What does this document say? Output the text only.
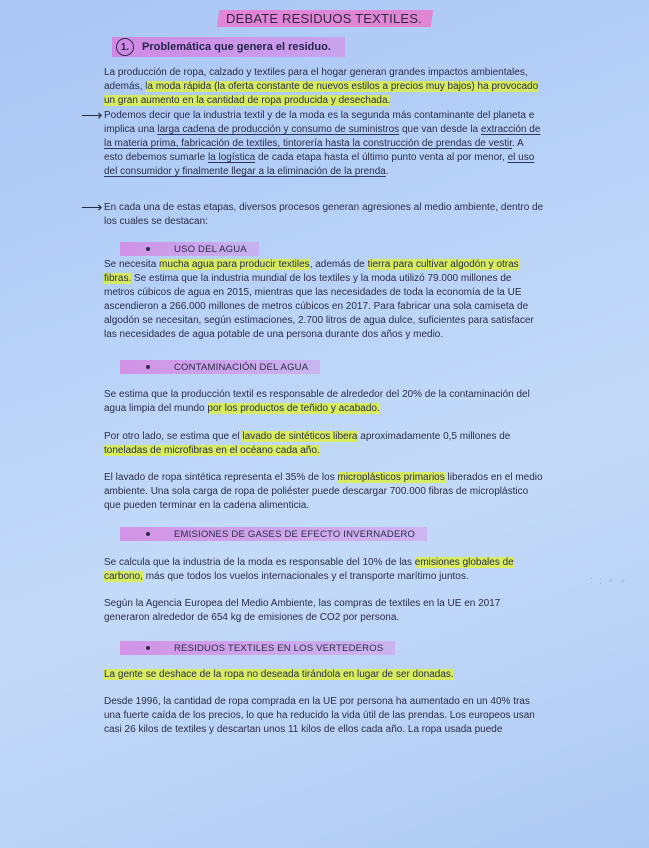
DEBATE RESIDUOS TEXTILES.
1.	Problemática que genera el residuo.

La producción de ropa, calzado y textiles para el hogar generan grandes impactos ambientales, además, la moda rápida (la oferta constante de nuevos estilos a precios muy bajos) ha provocado un gran aumento en la cantidad de ropa producida y desechada.

⟶ Podemos decir que la industria textil y de la moda es la segunda más contaminante del planeta e implica una larga cadena de producción y consumo de suministros que van desde la extracción de la materia prima, fabricación de textiles, tintorería hasta la construcción de prendas de vestir. A esto debemos sumarle la logística de cada etapa hasta el último punto venta al por menor, el uso del consumidor y finalmente llegar a la eliminación de la prenda.

⟶ En cada una de estas etapas, diversos procesos generan agresiones al medio ambiente, dentro de los cuales se destacan:

USO DEL AGUA

Se necesita mucha agua para producir textiles, además de tierra para cultivar algodón y otras fibras. Se estima que la industria mundial de los textiles y la moda utilizó 79.000 millones de metros cúbicos de agua en 2015, mientras que las necesidades de toda la economía de la UE ascendieron a 266.000 millones de metros cúbicos en 2017. Para fabricar una sola camiseta de algodón se necesitan, según estimaciones, 2.700 litros de agua dulce, suficientes para satisfacer las necesidades de agua potable de una persona durante dos años y medio.

CONTAMINACIÓN DEL AGUA

Se estima que la producción textil es responsable de alrededor del 20% de la contaminación del agua limpia del mundo por los productos de teñido y acabado.

Por otro lado, se estima que el lavado de sintéticos libera aproximadamente 0,5 millones de toneladas de microfibras en el océano cada año.

El lavado de ropa sintética representa el 35% de los microplásticos primarios liberados en el medio ambiente. Una sola carga de ropa de poliéster puede descargar 700.000 fibras de microplástico que pueden terminar en la cadena alimenticia.

EMISIONES DE GASES DE EFECTO INVERNADERO

Se calcula que la industria de la moda es responsable del 10% de las emisiones globales de carbono, más que todos los vuelos internacionales y el transporte marítimo juntos.

Según la Agencia Europea del Medio Ambiente, las compras de textiles en la UE en 2017 generaron alrededor de 654 kg de emisiones de CO2 por persona.

RESIDUOS TEXTILES EN LOS VERTEDEROS

La gente se deshace de la ropa no deseada tirándola en lugar de ser donadas.

Desde 1996, la cantidad de ropa comprada en la UE por persona ha aumentado en un 40% tras una fuerte caída de los precios, lo que ha reducido la vida útil de las prendas. Los europeos usan casi 26 kilos de textiles y descartan unos 11 kilos de ellos cada año. La ropa usada puede

: ; ∘ ∘
